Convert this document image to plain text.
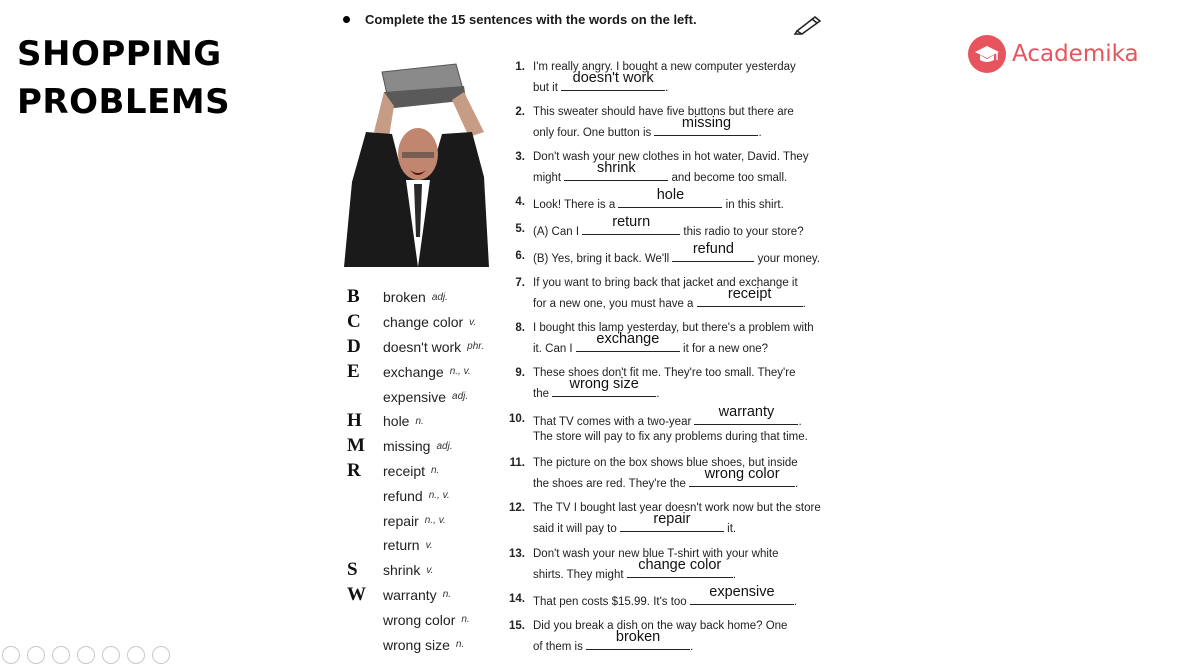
SHOPPING
PROBLEMS
Academika
Complete the 15 sentences with the words on the left.
B	broken adj.
C	change color v.
D	doesn't work phr.
E	exchange n., v.
expensive adj.
H	hole n.
M	missing adj.
R	receipt n.
refund n., v.
repair n., v.
return v.
S	shrink v.
W	warranty n.
wrong color n.
wrong size n.
1. I'm really angry. I bought a new computer yesterday
but it
doesn't work
.
2. This sweater should have five buttons but there are
only four. One button is
missing
.
3. Don't wash your new clothes in hot water, David. They
might
shrink
and become too small.
4. Look! There is a
hole
in this shirt.
5. (A) Can I
return
this radio to your store?
6. (B) Yes, bring it back. We'll
refund
your money.
7. If you want to bring back that jacket and exchange it
for a new one, you must have a
receipt
.
8. I bought this lamp yesterday, but there's a problem with
it. Can I
exchange
it for a new one?
9. These shoes don't fit me. They're too small. They're
the
wrong size
.
10. That TV comes with a two-year
warranty
.
The store will pay to fix any problems during that time.
11. The picture on the box shows blue shoes, but inside
the shoes are red. They're the
wrong color
.
12. The TV I bought last year doesn't work now but the store
said it will pay to
repair
it.
13. Don't wash your new blue T-shirt with your white
shirts. They might
change color
.
14. That pen costs $15.99. It's too
expensive
.
15. Did you break a dish on the way back home? One
of them is
broken
.
